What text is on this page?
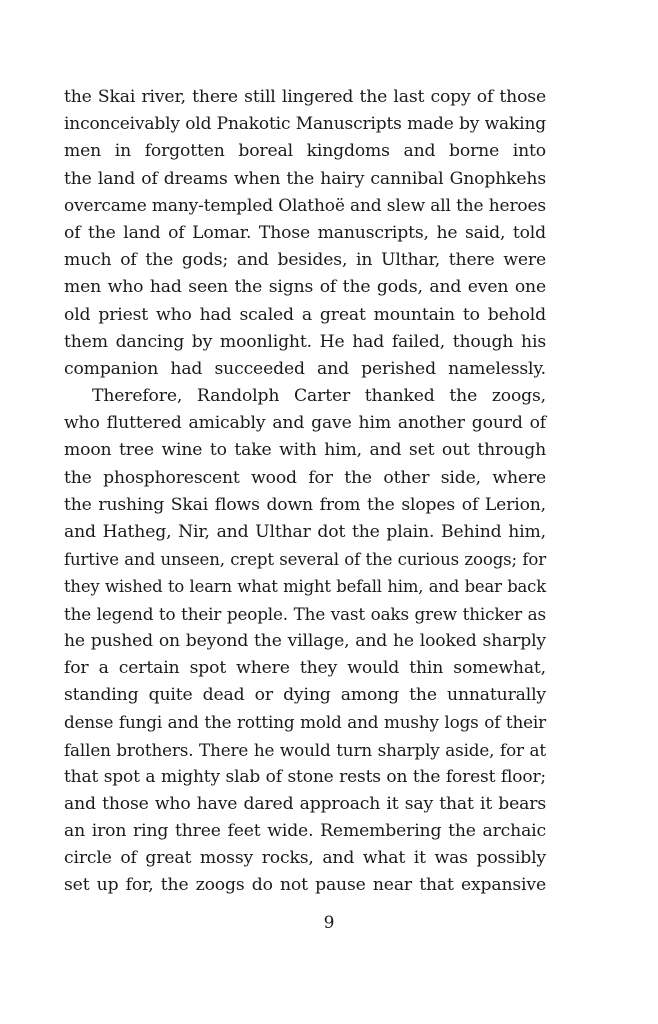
the Skai river, there still lingered the last copy of those
inconceivably old Pnakotic Manuscripts made by waking
men in forgotten boreal kingdoms and borne into
the land of dreams when the hairy cannibal Gnophkehs
overcame many-templed Olathoë and slew all the heroes
of the land of Lomar. Those manuscripts, he said, told
much of the gods; and besides, in Ulthar, there were
men who had seen the signs of the gods, and even one
old priest who had scaled a great mountain to behold
them dancing by moonlight. He had failed, though his
companion had succeeded and perished namelessly.
Therefore, Randolph Carter thanked the zoogs,
who fluttered amicably and gave him another gourd of
moon tree wine to take with him, and set out through
the phosphorescent wood for the other side, where
the rushing Skai flows down from the slopes of Lerion,
and Hatheg, Nir, and Ulthar dot the plain. Behind him,
furtive and unseen, crept several of the curious zoogs; for
they wished to learn what might befall him, and bear back
the legend to their people. The vast oaks grew thicker as
he pushed on beyond the village, and he looked sharply
for a certain spot where they would thin somewhat,
standing quite dead or dying among the unnaturally
dense fungi and the rotting mold and mushy logs of their
fallen brothers. There he would turn sharply aside, for at
that spot a mighty slab of stone rests on the forest floor;
and those who have dared approach it say that it bears
an iron ring three feet wide. Remembering the archaic
circle of great mossy rocks, and what it was possibly
set up for, the zoogs do not pause near that expansive
9
